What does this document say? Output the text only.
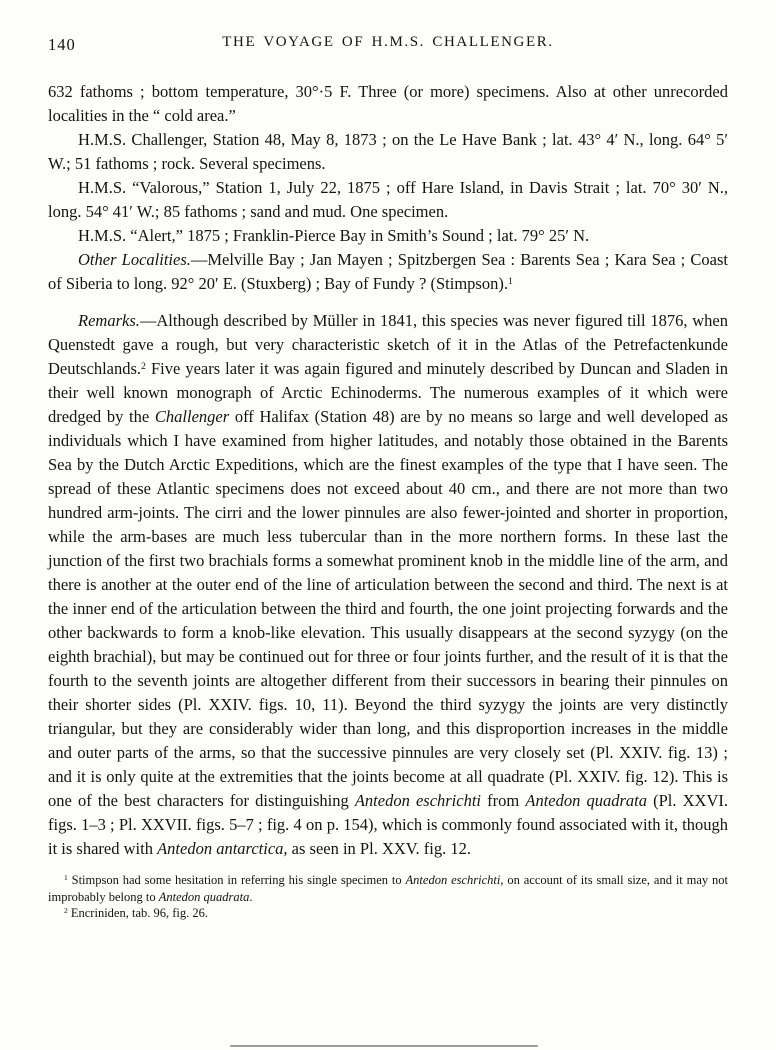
140	THE VOYAGE OF H.M.S. CHALLENGER.

632 fathoms ; bottom temperature, 30°·5 F. Three (or more) specimens. Also at other unrecorded localities in the “ cold area.”

H.M.S. Challenger, Station 48, May 8, 1873 ; on the Le Have Bank ; lat. 43° 4′ N., long. 64° 5′ W.; 51 fathoms ; rock. Several specimens.

H.M.S. “Valorous,” Station 1, July 22, 1875 ; off Hare Island, in Davis Strait ; lat. 70° 30′ N., long. 54° 41′ W.; 85 fathoms ; sand and mud. One specimen.

H.M.S. “Alert,” 1875 ; Franklin-Pierce Bay in Smith’s Sound ; lat. 79° 25′ N.

Other Localities.—Melville Bay ; Jan Mayen ; Spitzbergen Sea : Barents Sea ; Kara Sea ; Coast of Siberia to long. 92° 20′ E. (Stuxberg) ; Bay of Fundy ? (Stimpson).$^1$

Remarks.—Although described by Müller in 1841, this species was never figured till 1876, when Quenstedt gave a rough, but very characteristic sketch of it in the Atlas of the Petrefactenkunde Deutschlands.$^2$ Five years later it was again figured and minutely described by Duncan and Sladen in their well known monograph of Arctic Echinoderms. The numerous examples of it which were dredged by the Challenger off Halifax (Station 48) are by no means so large and well developed as individuals which I have examined from higher latitudes, and notably those obtained in the Barents Sea by the Dutch Arctic Expeditions, which are the finest examples of the type that I have seen. The spread of these Atlantic specimens does not exceed about 40 cm., and there are not more than two hundred arm-joints. The cirri and the lower pinnules are also fewer-jointed and shorter in proportion, while the arm-bases are much less tubercular than in the more northern forms. In these last the junction of the first two brachials forms a somewhat prominent knob in the middle line of the arm, and there is another at the outer end of the line of articulation between the second and third. The next is at the inner end of the articulation between the third and fourth, the one joint projecting forwards and the other backwards to form a knob-like elevation. This usually disappears at the second syzygy (on the eighth brachial), but may be continued out for three or four joints further, and the result of it is that the fourth to the seventh joints are altogether different from their successors in bearing their pinnules on their shorter sides (Pl. XXIV. figs. 10, 11). Beyond the third syzygy the joints are very distinctly triangular, but they are considerably wider than long, and this disproportion increases in the middle and outer parts of the arms, so that the successive pinnules are very closely set (Pl. XXIV. fig. 13) ; and it is only quite at the extremities that the joints become at all quadrate (Pl. XXIV. fig. 12). This is one of the best characters for distinguishing Antedon eschrichti from Antedon quadrata (Pl. XXVI. figs. 1–3 ; Pl. XXVII. figs. 5–7 ; fig. 4 on p. 154), which is commonly found associated with it, though it is shared with Antedon antarctica, as seen in Pl. XXV. fig. 12.

$^1$ Stimpson had some hesitation in referring his single specimen to Antedon eschrichti, on account of its small size, and it may not improbably belong to Antedon quadrata.

$^2$ Encriniden, tab. 96, fig. 26.
